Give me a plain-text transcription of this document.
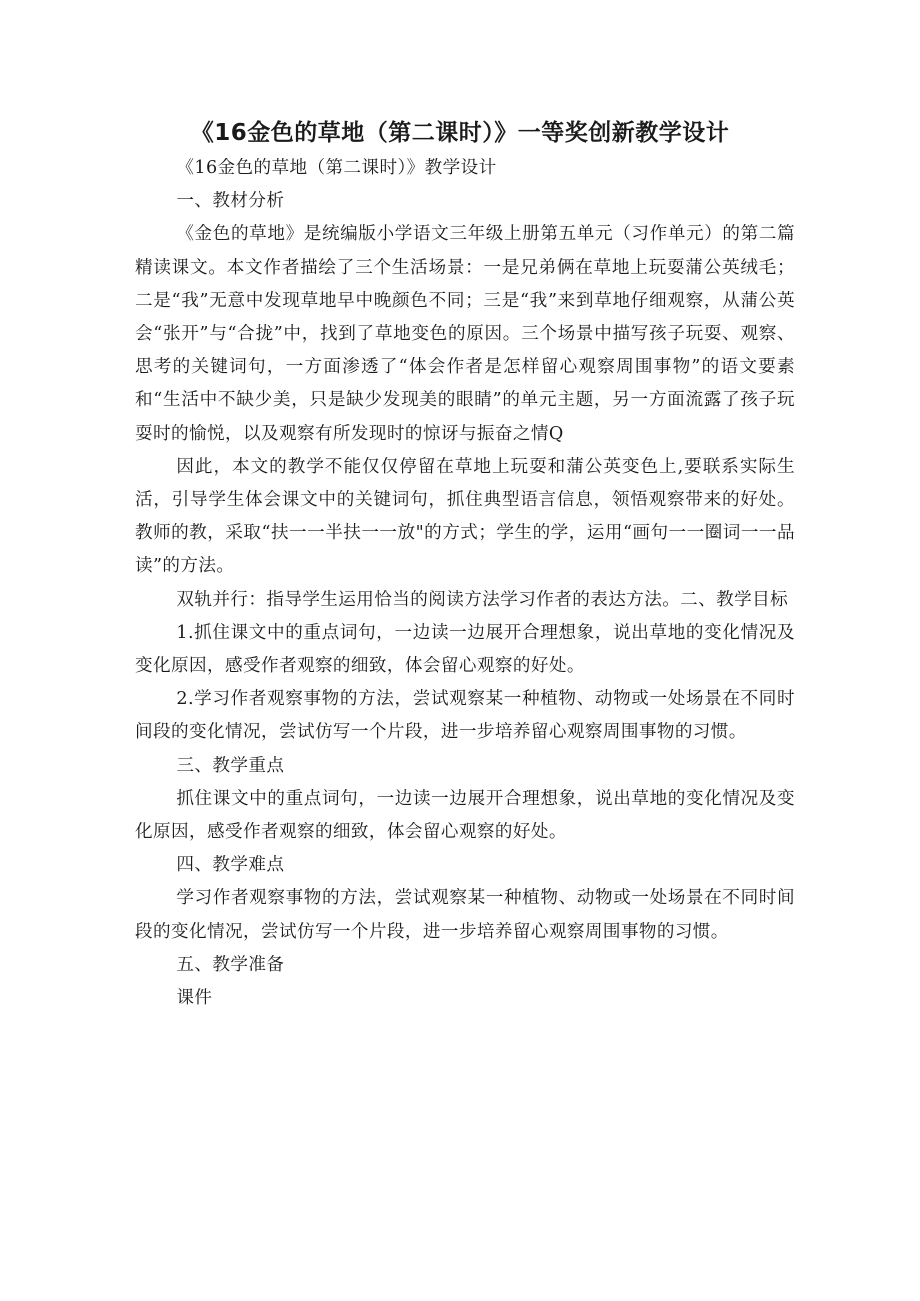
《16金色的草地（第二课时）》一等奖创新教学设计

《16金色的草地（第二课时）》教学设计

一、教材分析

《金色的草地》是统编版小学语文三年级上册第五单元（习作单元）的第二篇精读课文。本文作者描绘了三个生活场景：一是兄弟俩在草地上玩耍蒲公英绒毛；二是“我”无意中发现草地早中晚颜色不同；三是“我”来到草地仔细观察，从蒲公英会“张开”与“合拢”中，找到了草地变色的原因。三个场景中描写孩子玩耍、观察、思考的关键词句，一方面渗透了“体会作者是怎样留心观察周围事物”的语文要素和“生活中不缺少美，只是缺少发现美的眼睛”的单元主题，另一方面流露了孩子玩耍时的愉悦，以及观察有所发现时的惊讶与振奋之情Q

因此，本文的教学不能仅仅停留在草地上玩耍和蒲公英变色上,要联系实际生活，引导学生体会课文中的关键词句，抓住典型语言信息，领悟观察带来的好处。教师的教，采取“扶一一半扶一一放"的方式；学生的学，运用“画句一一圈词一一品读”的方法。

双轨并行：指导学生运用恰当的阅读方法学习作者的表达方法。二、教学目标

1.抓住课文中的重点词句，一边读一边展开合理想象，说出草地的变化情况及变化原因，感受作者观察的细致，体会留心观察的好处。

2.学习作者观察事物的方法，尝试观察某一种植物、动物或一处场景在不同时间段的变化情况，尝试仿写一个片段，进一步培养留心观察周围事物的习惯。

三、教学重点

抓住课文中的重点词句，一边读一边展开合理想象，说出草地的变化情况及变化原因，感受作者观察的细致，体会留心观察的好处。

四、教学难点

学习作者观察事物的方法，尝试观察某一种植物、动物或一处场景在不同时间段的变化情况，尝试仿写一个片段，进一步培养留心观察周围事物的习惯。

五、教学准备

课件
